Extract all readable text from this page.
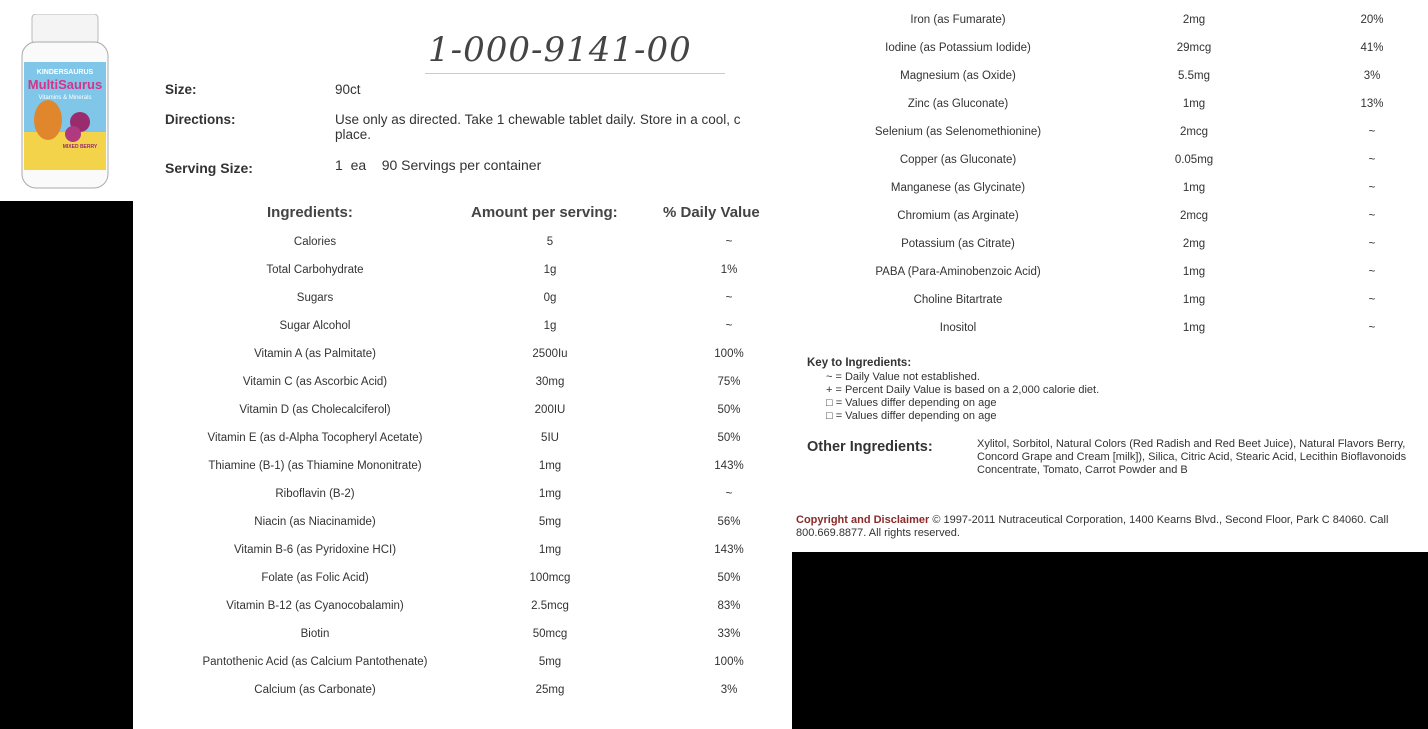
KINDERSAURUS
MultiSaurus
Vitamins & Minerals
MIXED BERRY
1-000-9141-00
Size:	90ct
Directions:	Use only as directed. Take 1 chewable tablet daily. Store in a cool, c
place.
Serving Size:	1  ea    90 Servings per container
Ingredients:	Amount per serving:	% Daily Value
Calories	5	~
Total Carbohydrate	1g	1%
Sugars	0g	~
Sugar Alcohol	1g	~
Vitamin A (as Palmitate)	2500Iu	100%
Vitamin C (as Ascorbic Acid)	30mg	75%
Vitamin D (as Cholecalciferol)	200IU	50%
Vitamin E (as d-Alpha Tocopheryl Acetate)	5IU	50%
Thiamine (B-1) (as Thiamine Mononitrate)	1mg	143%
Riboflavin (B-2)	1mg	~
Niacin (as Niacinamide)	5mg	56%
Vitamin B-6 (as Pyridoxine HCI)	1mg	143%
Folate (as Folic Acid)	100mcg	50%
Vitamin B-12 (as Cyanocobalamin)	2.5mcg	83%
Biotin	50mcg	33%
Pantothenic Acid (as Calcium Pantothenate)	5mg	100%
Calcium (as Carbonate)	25mg	3%
Iron (as Fumarate)	2mg	20%
Iodine (as Potassium Iodide)	29mcg	41%
Magnesium (as Oxide)	5.5mg	3%
Zinc (as Gluconate)	1mg	13%
Selenium (as Selenomethionine)	2mcg	~
Copper (as Gluconate)	0.05mg	~
Manganese (as Glycinate)	1mg	~
Chromium (as Arginate)	2mcg	~
Potassium (as Citrate)	2mg	~
PABA (Para-Aminobenzoic Acid)	1mg	~
Choline Bitartrate	1mg	~
Inositol	1mg	~
Key to Ingredients:
~ = Daily Value not established.
+ = Percent Daily Value is based on a 2,000 calorie diet.
□ = Values differ depending on age
□ = Values differ depending on age
Other Ingredients:	Xylitol, Sorbitol, Natural Colors (Red Radish and Red Beet Juice), Natural Flavors Berry, Concord Grape and Cream [milk]), Silica, Citric Acid, Stearic Acid, Lecithin Bioflavonoids Concentrate, Tomato, Carrot Powder and B
Copyright and Disclaimer © 1997-2011 Nutraceutical Corporation, 1400 Kearns Blvd., Second Floor, Park C 84060. Call 800.669.8877. All rights reserved.
